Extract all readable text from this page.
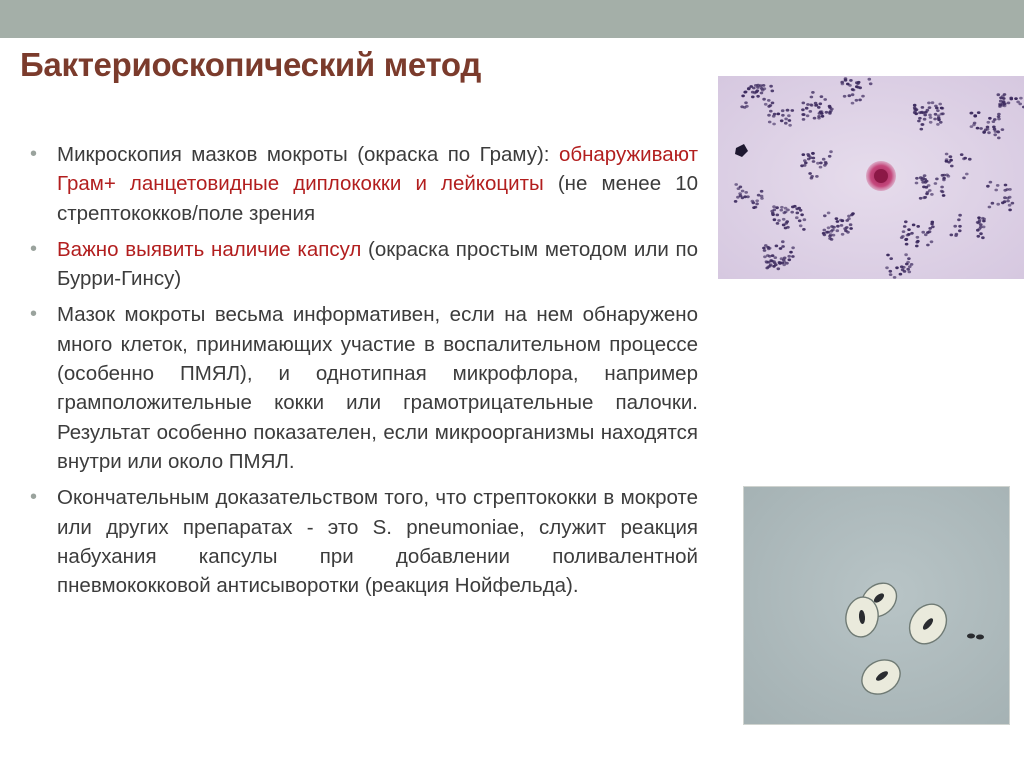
Бактериоскопический метод
• Микроскопия мазков мокроты (окраска по Граму): обнаруживают Грам+ ланцетовидные диплококки и лейкоциты (не менее 10 стрептококков/поле зрения
• Важно выявить наличие капсул (окраска простым методом или по Бурри-Гинсу)
• Мазок мокроты весьма информативен, если на нем обнаружено много клеток, принимающих участие в воспалительном процессе (особенно ПМЯЛ), и однотипная микрофлора, например грамположительные кокки или грамотрицательные палочки. Результат особенно показателен, если микроорганизмы находятся внутри или около ПМЯЛ.
• Окончательным доказательством того, что стрептококки в мокроте или других препаратах - это S. pneumoniae, служит реакция набухания капсулы при добавлении поливалентной пневмококковой антисыворотки (реакция Нойфельда).
